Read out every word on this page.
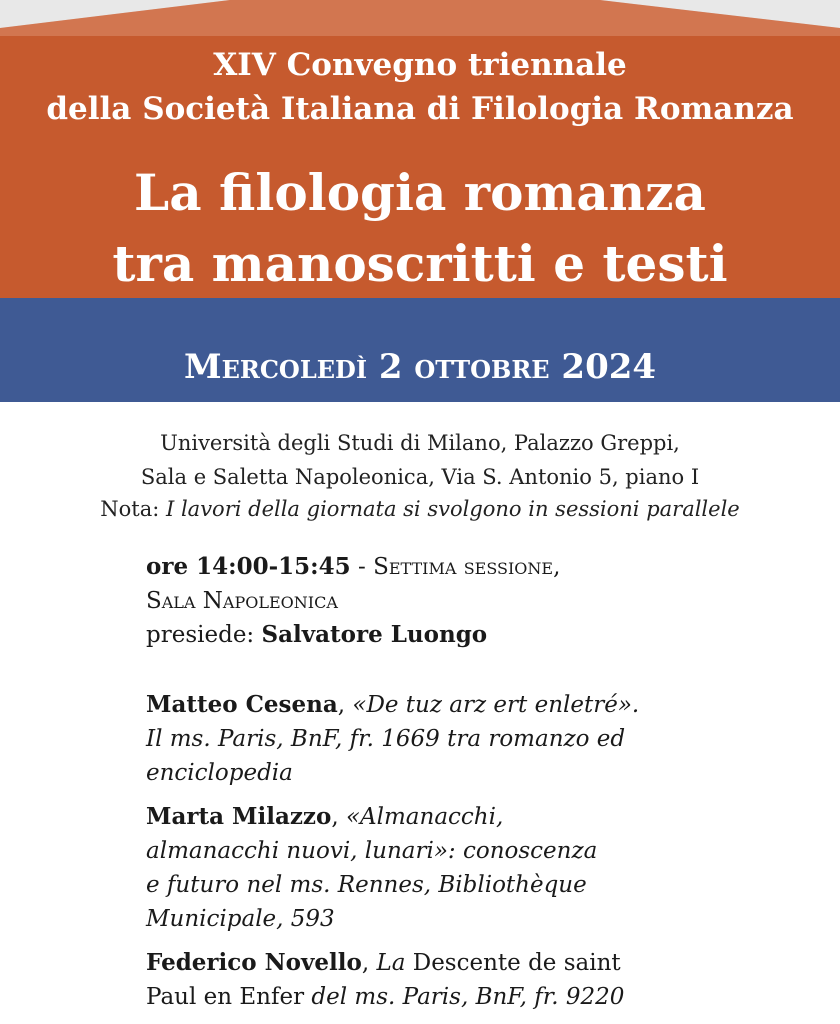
XIV Convegno triennale
della Società Italiana di Filologia Romanza
La filologia romanza
tra manoscritti e testi
Mercoledì 2 ottobre 2024
Università degli Studi di Milano, Palazzo Greppi,
Sala e Saletta Napoleonica, Via S. Antonio 5, piano I
Nota: I lavori della giornata si svolgono in sessioni parallele
ore 14:00-15:45 - Settima sessione,
Sala Napoleonica
presiede: Salvatore Luongo
Matteo Cesena, «De tuz arz ert enletré».
Il ms. Paris, BnF, fr. 1669 tra romanzo ed
enciclopedia
Marta Milazzo, «Almanacchi,
almanacchi nuovi, lunari»: conoscenza
e futuro nel ms. Rennes, Bibliothèque
Municipale, 593
Federico Novello, La Descente de saint
Paul en Enfer del ms. Paris, BnF, fr. 9220
